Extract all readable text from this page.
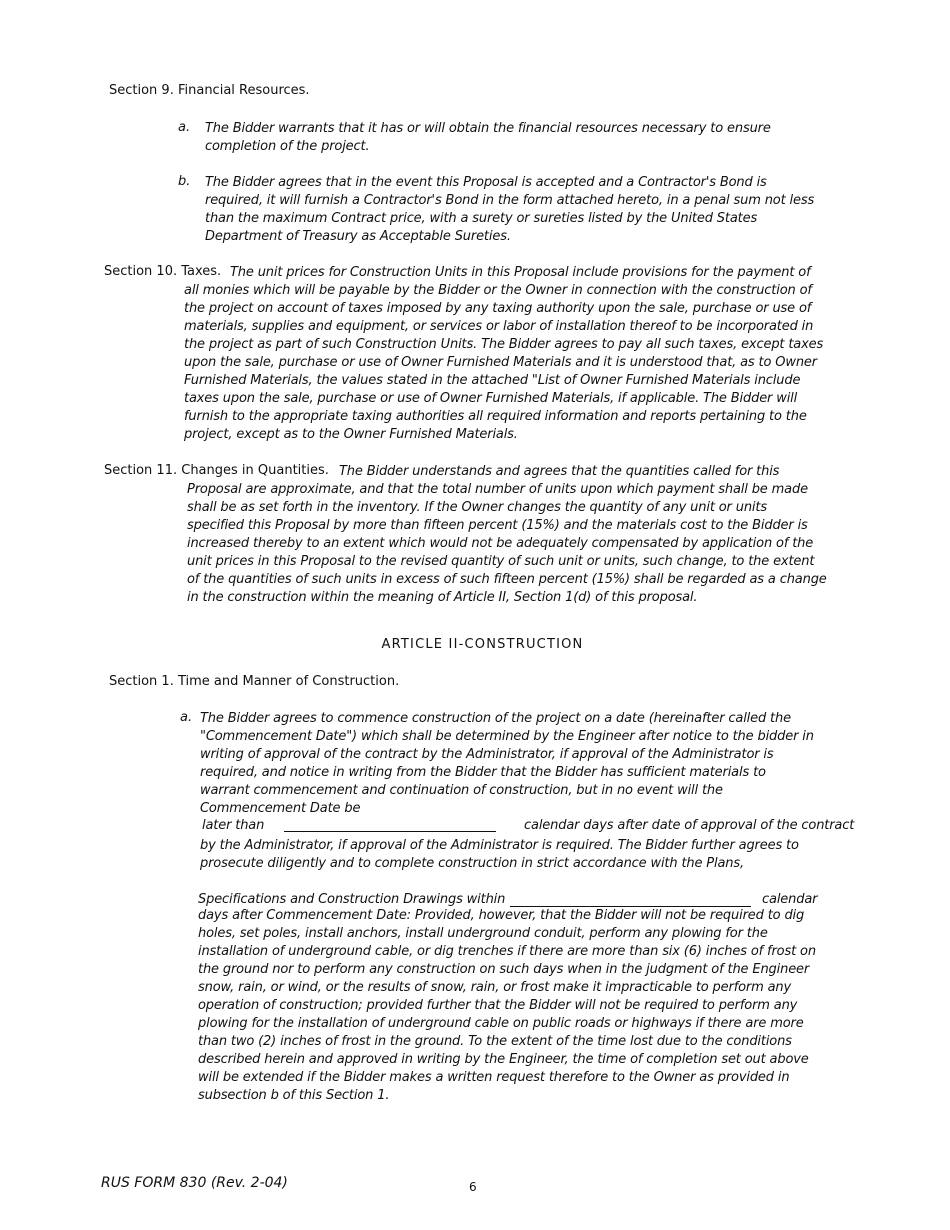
Section 9. Financial Resources.
a. The Bidder warrants that it has or will obtain the financial resources necessary to ensure completion of the project.
b. The Bidder agrees that in the event this Proposal is accepted and a Contractor's Bond is required, it will furnish a Contractor's Bond in the form attached hereto, in a penal sum not less than the maximum Contract price, with a surety or sureties listed by the United States Department of Treasury as Acceptable Sureties.
Section 10. Taxes. The unit prices for Construction Units in this Proposal include provisions for the payment of all monies which will be payable by the Bidder or the Owner in connection with the construction of the project on account of taxes imposed by any taxing authority upon the sale, purchase or use of materials, supplies and equipment, or services or labor of installation thereof to be incorporated in the project as part of such Construction Units. The Bidder agrees to pay all such taxes, except taxes upon the sale, purchase or use of Owner Furnished Materials and it is understood that, as to Owner Furnished Materials, the values stated in the attached "List of Owner Furnished Materials include taxes upon the sale, purchase or use of Owner Furnished Materials, if applicable. The Bidder will furnish to the appropriate taxing authorities all required information and reports pertaining to the project, except as to the Owner Furnished Materials.
Section 11. Changes in Quantities. The Bidder understands and agrees that the quantities called for this Proposal are approximate, and that the total number of units upon which payment shall be made shall be as set forth in the inventory. If the Owner changes the quantity of any unit or units specified this Proposal by more than fifteen percent (15%) and the materials cost to the Bidder is increased thereby to an extent which would not be adequately compensated by application of the unit prices in this Proposal to the revised quantity of such unit or units, such change, to the extent of the quantities of such units in excess of such fifteen percent (15%) shall be regarded as a change in the construction within the meaning of Article II, Section 1(d) of this proposal.
ARTICLE II-CONSTRUCTION
Section 1. Time and Manner of Construction.
a. The Bidder agrees to commence construction of the project on a date (hereinafter called the "Commencement Date") which shall be determined by the Engineer after notice to the bidder in writing of approval of the contract by the Administrator, if approval of the Administrator is required, and notice in writing from the Bidder that the Bidder has sufficient materials to warrant commencement and continuation of construction, but in no event will the Commencement Date be
later than	calendar days after date of approval of the contract
by the Administrator, if approval of the Administrator is required. The Bidder further agrees to prosecute diligently and to complete construction in strict accordance with the Plans,
Specifications and Construction Drawings within	calendar
days after Commencement Date: Provided, however, that the Bidder will not be required to dig holes, set poles, install anchors, install underground conduit, perform any plowing for the installation of underground cable, or dig trenches if there are more than six (6) inches of frost on the ground nor to perform any construction on such days when in the judgment of the Engineer snow, rain, or wind, or the results of snow, rain, or frost make it impracticable to perform any operation of construction; provided further that the Bidder will not be required to perform any plowing for the installation of underground cable on public roads or highways if there are more than two (2) inches of frost in the ground. To the extent of the time lost due to the conditions described herein and approved in writing by the Engineer, the time of completion set out above will be extended if the Bidder makes a written request therefore to the Owner as provided in subsection b of this Section 1.
RUS FORM 830 (Rev. 2-04)	6
